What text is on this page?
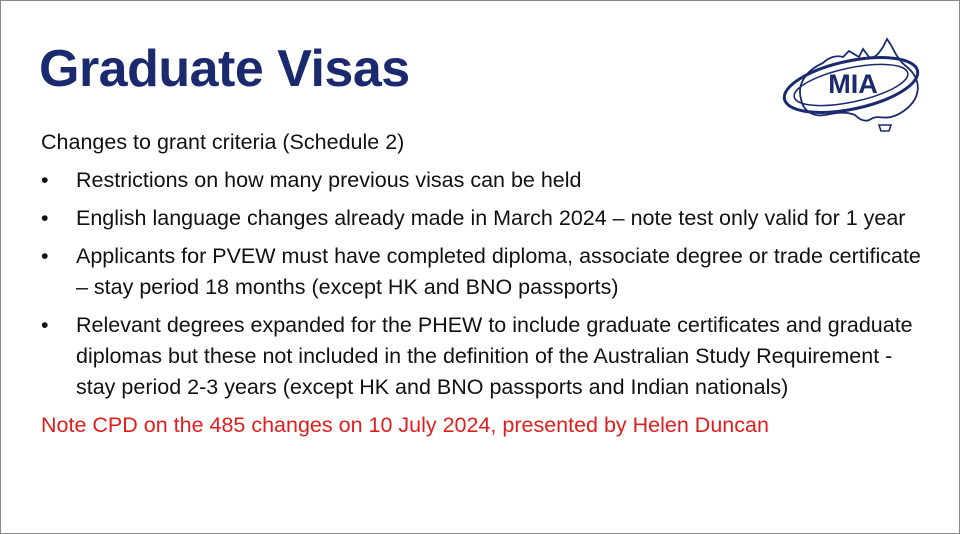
Graduate Visas	MIA

Changes to grant criteria (Schedule 2)

• Restrictions on how many previous visas can be held
• English language changes already made in March 2024 – note test only valid for 1 year
• Applicants for PVEW must have completed diploma, associate degree or trade certificate – stay period 18 months (except HK and BNO passports)
• Relevant degrees expanded for the PHEW to include graduate certificates and graduate diplomas but these not included in the definition of the Australian Study Requirement - stay period 2-3 years (except HK and BNO passports and Indian nationals)

Note CPD on the 485 changes on 10 July 2024, presented by Helen Duncan
